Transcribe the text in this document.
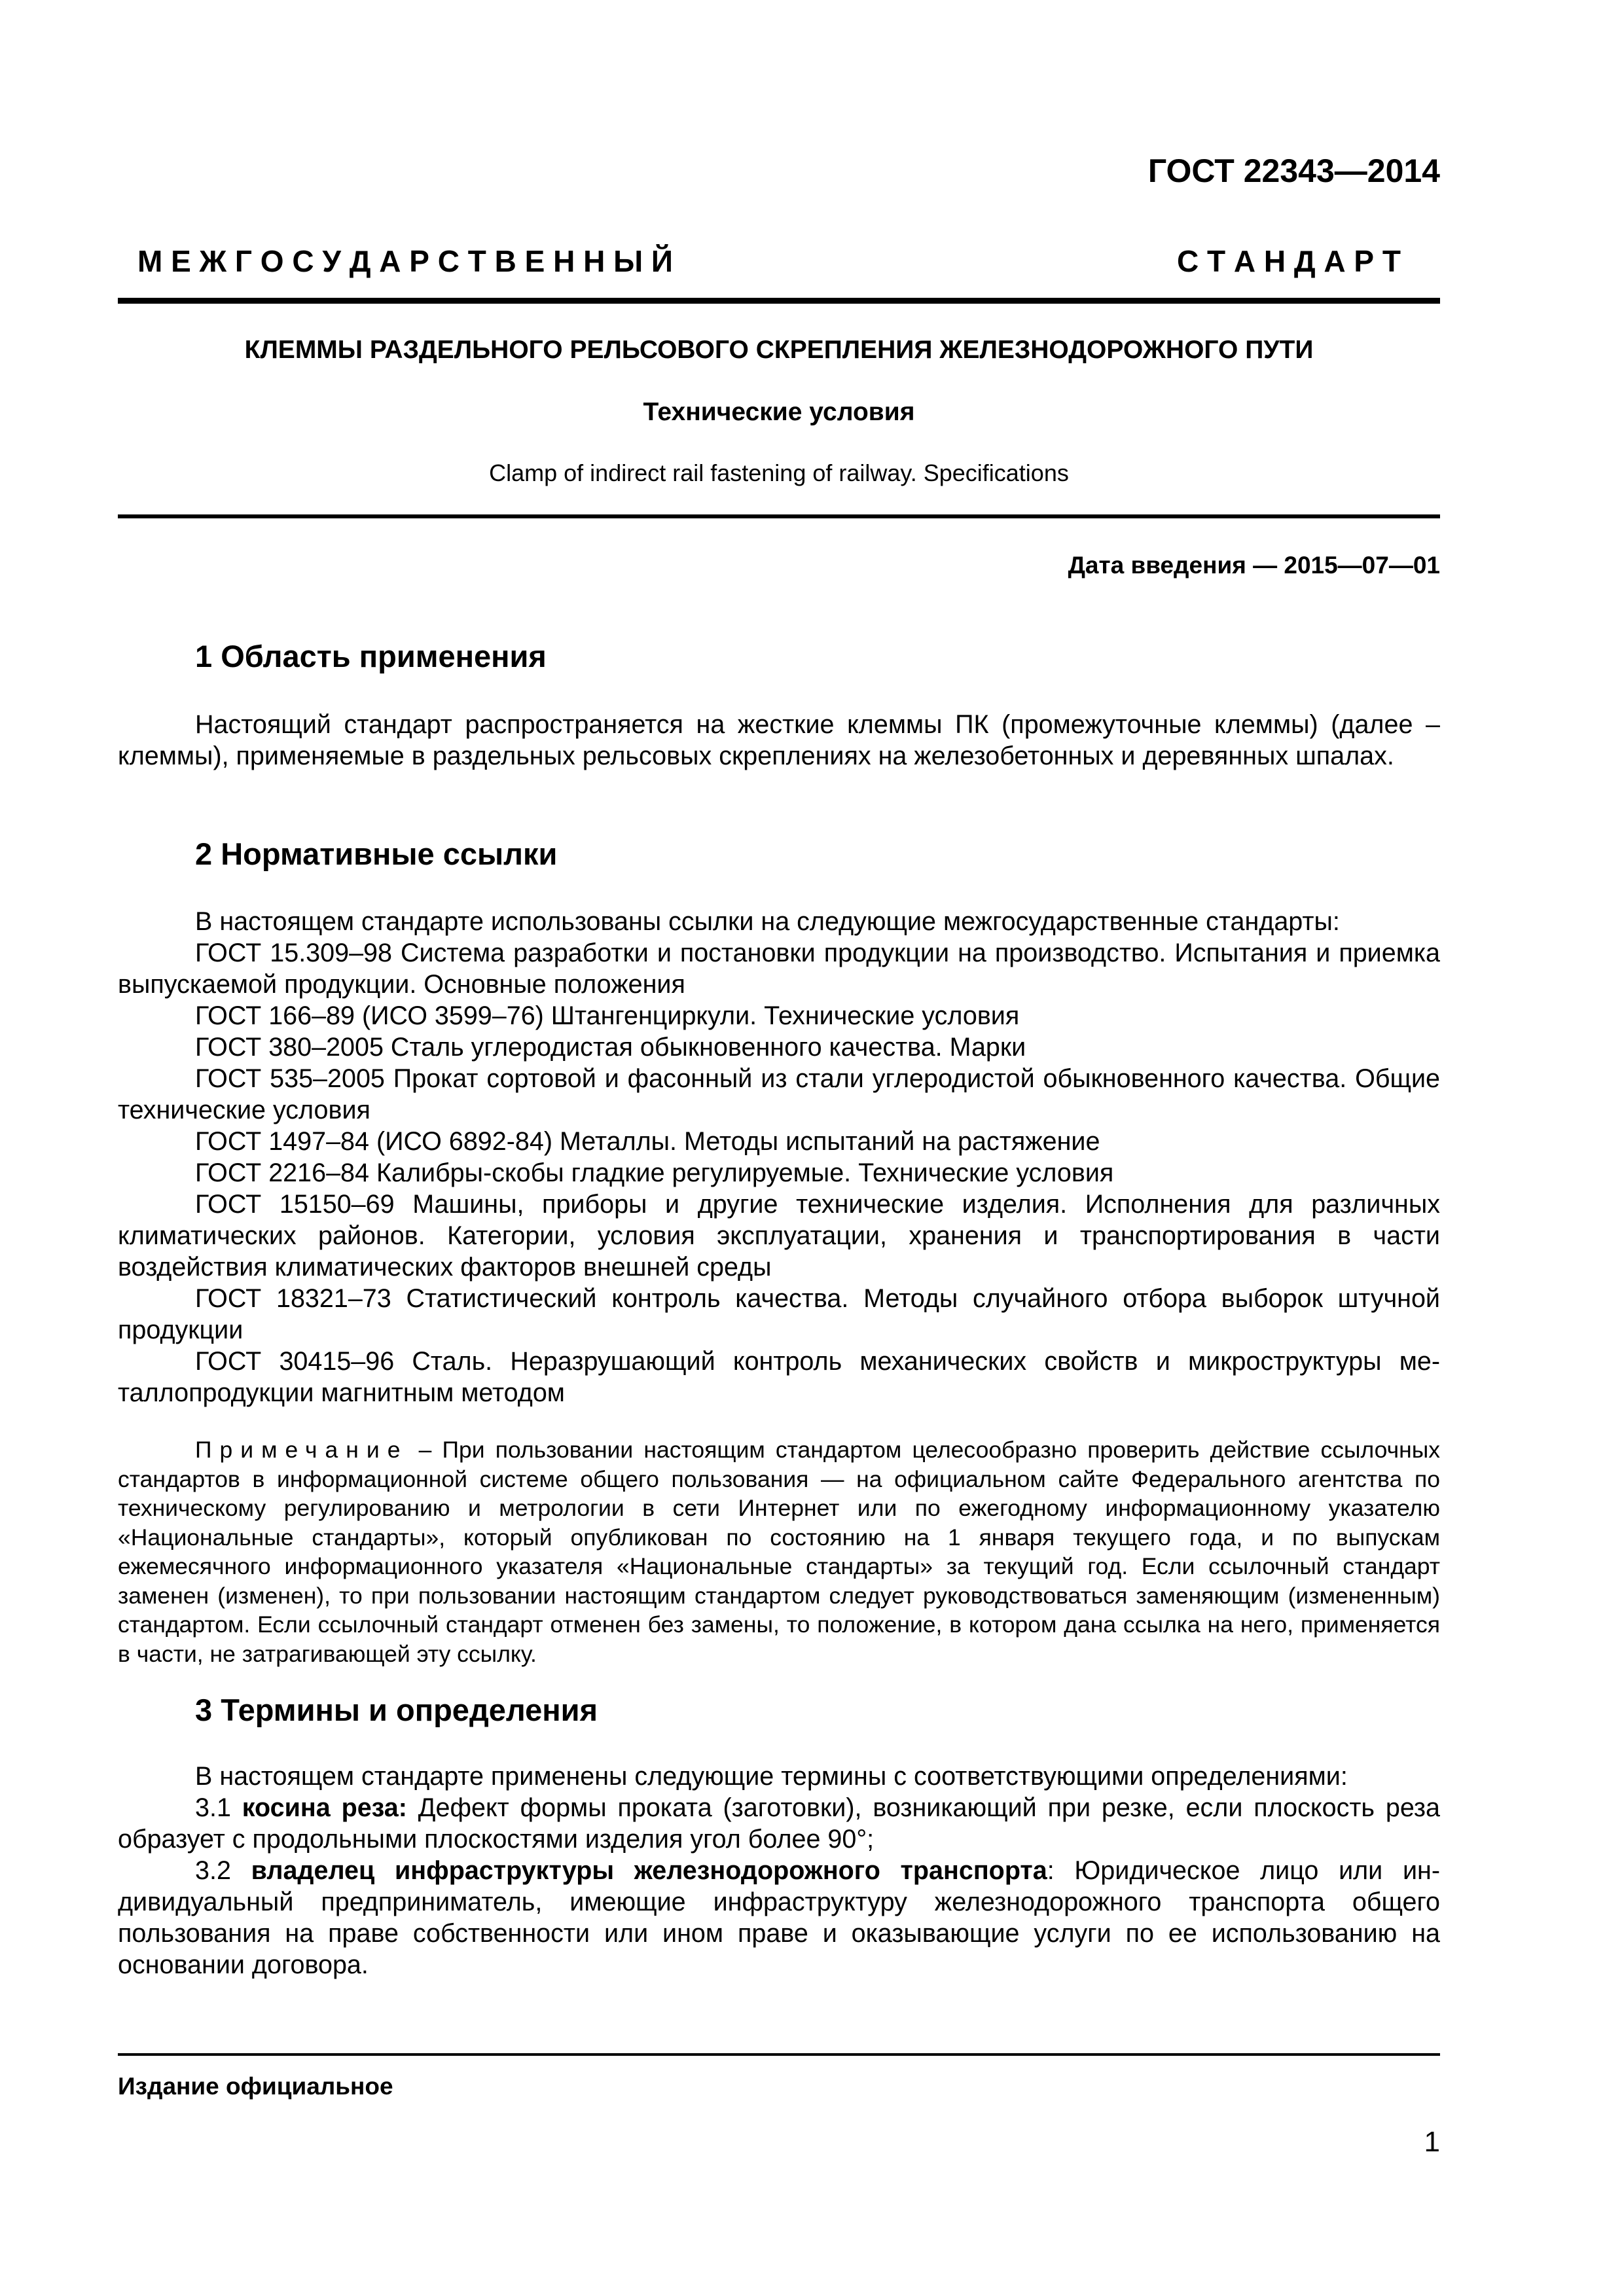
ГОСТ 22343—2014
М Е Ж Г О С У Д А Р С Т В Е Н Н Ы Й	С Т А Н Д А Р Т
КЛЕММЫ РАЗДЕЛЬНОГО РЕЛЬСОВОГО СКРЕПЛЕНИЯ ЖЕЛЕЗНОДОРОЖНОГО ПУТИ
Технические условия
Clamp of indirect rail fastening of railway. Specifications
Дата введения — 2015—07—01
1 Область применения

Настоящий стандарт распространяется на жесткие клеммы ПК (промежуточные клеммы) (далее – клеммы), применяемые в раздельных рельсовых скреплениях на железобетонных и деревянных шпалах.

2 Нормативные ссылки

В настоящем стандарте использованы ссылки на следующие межгосударственные стандарты:

ГОСТ 15.309–98 Система разработки и постановки продукции на производство. Испытания и приемка выпускаемой продукции. Основные положения

ГОСТ 166–89 (ИСО 3599–76) Штангенциркули. Технические условия

ГОСТ 380–2005 Сталь углеродистая обыкновенного качества. Марки

ГОСТ 535–2005 Прокат сортовой и фасонный из стали углеродистой обыкновенного качества. Общие технические условия

ГОСТ 1497–84 (ИСО 6892-84) Металлы. Методы испытаний на растяжение

ГОСТ 2216–84 Калибры-скобы гладкие регулируемые. Технические условия

ГОСТ 15150–69 Машины, приборы и другие технические изделия. Исполнения для различных климатических районов. Категории, условия эксплуатации, хранения и транспортирования в части воздействия климатических факторов внешней среды

ГОСТ 18321–73 Статистический контроль качества. Методы случайного отбора выборок штучной продукции

ГОСТ 30415–96 Сталь. Неразрушающий контроль механических свойств и микроструктуры металлопродукции магнитным методом

Примечание – При пользовании настоящим стандартом целесообразно проверить действие ссылочных стандартов в информационной системе общего пользования — на официальном сайте Федерального агентства по техническому регулированию и метрологии в сети Интернет или по ежегодному информационному указателю «Национальные стандарты», который опубликован по состоянию на 1 января текущего года, и по выпускам ежемесячного информационного указателя «Национальные стандарты» за текущий год. Если ссылочный стандарт заменен (изменен), то при пользовании настоящим стандартом следует руководствоваться заменяющим (измененным) стандартом. Если ссылочный стандарт отменен без замены, то положение, в котором дана ссылка на него, применяется в части, не затрагивающей эту ссылку.

3 Термины и определения

В настоящем стандарте применены следующие термины с соответствующими определениями:

3.1 косина реза: Дефект формы проката (заготовки), возникающий при резке, если плоскость реза образует с продольными плоскостями изделия угол более 90°;

3.2 владелец инфраструктуры железнодорожного транспорта: Юридическое лицо или индивидуальный предприниматель, имеющие инфраструктуру железнодорожного транспорта общего пользования на праве собственности или ином праве и оказывающие услуги по ее использованию на основании договора.

Издание официальное
1
